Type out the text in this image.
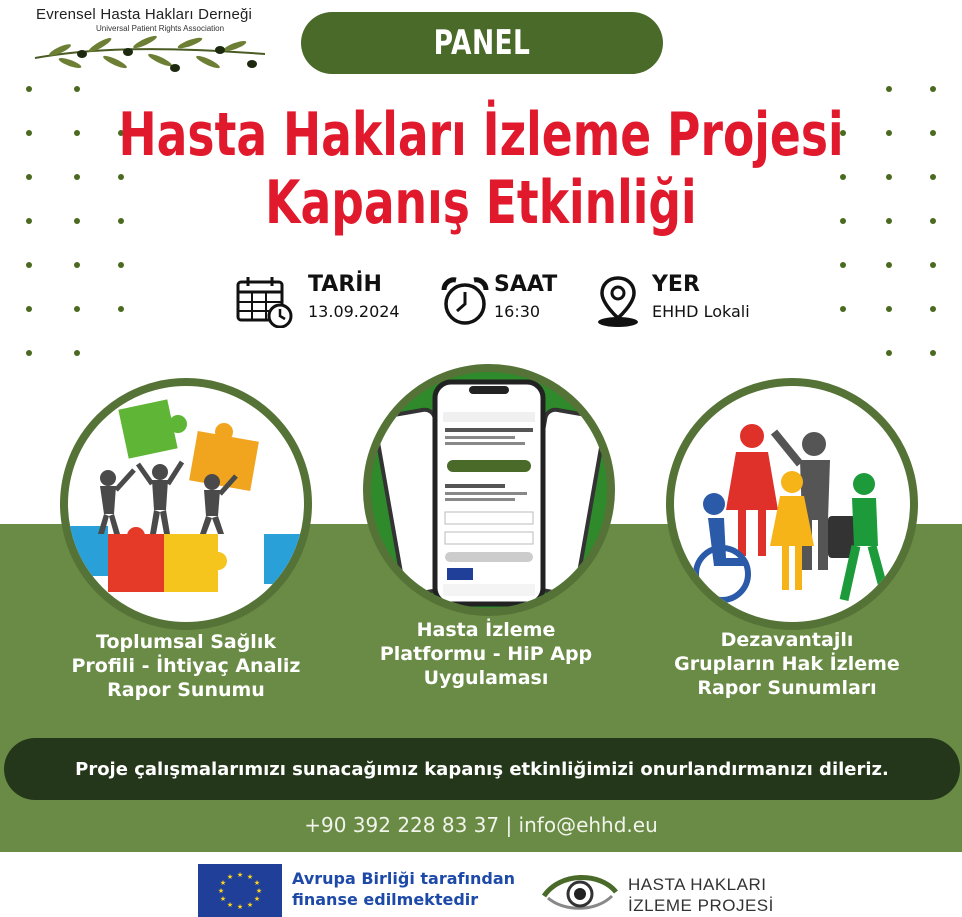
Evrensel Hasta Hakları Derneği
Universal Patient Rights Association	PANEL
Hasta Hakları İzleme Projesi
Kapanış Etkinliği
TARİH
13.09.2024
SAAT
16:30
YER
EHHD Lokali
Toplumsal Sağlık
Profili - İhtiyaç Analiz
Rapor Sunumu
Hasta İzleme
Platformu - HiP App
Uygulaması
Dezavantajlı
Grupların Hak İzleme
Rapor Sunumları
Proje çalışmalarımızı sunacağımız kapanış etkinliğimizi onurlandırmanızı dileriz.
+90 392 228 83 37 | info@ehhd.eu
★ ★
★
★
★
★
★
★
★
★
★
★	Avrupa Birliği tarafından
finanse edilmektedir
HASTA HAKLARI
İZLEME PROJESİ
